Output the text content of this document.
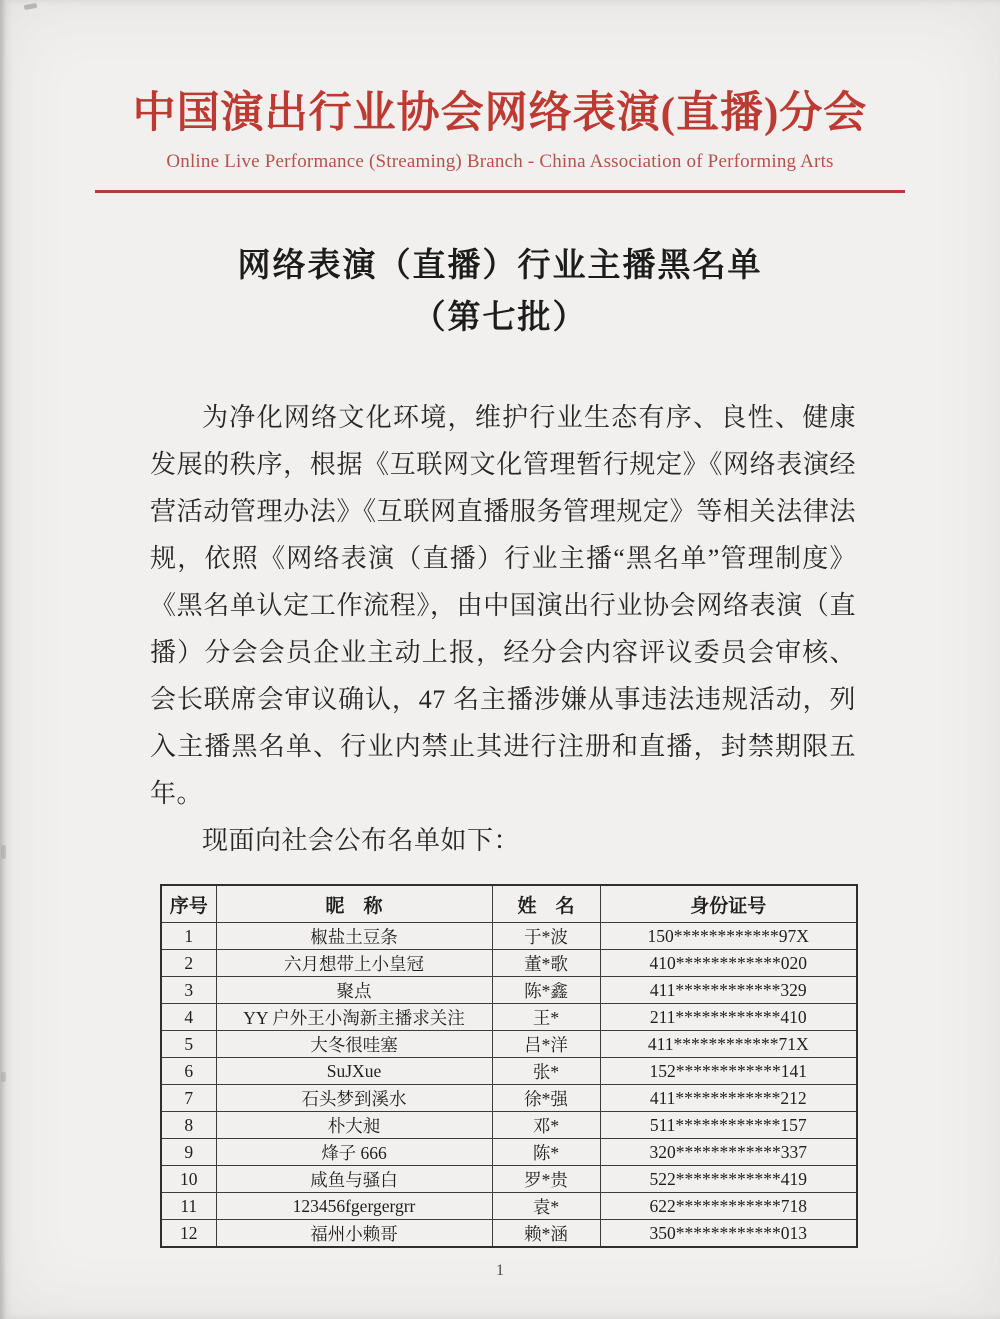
中国演出行业协会网络表演(直播)分会
Online Live Performance (Streaming) Branch - China Association of Performing Arts
网络表演（直播）行业主播黑名单
（第七批）

为净化网络文化环境，维护行业生态有序、良性、健康发展的秩序，根据《互联网文化管理暂行规定》《网络表演经营活动管理办法》《互联网直播服务管理规定》等相关法律法规，依照《网络表演（直播）行业主播“黑名单”管理制度》《黑名单认定工作流程》，由中国演出行业协会网络表演（直播）分会会员企业主动上报，经分会内容评议委员会审核、会长联席会审议确认，47 名主播涉嫌从事违法违规活动，列入主播黑名单、行业内禁止其进行注册和直播，封禁期限五年。

现面向社会公布名单如下：

序号	昵　称	姓　名	身份证号
1	椒盐土豆条	于*波	150************97X
2	六月想带上小皇冠	董*歌	410************020
3	聚点	陈*鑫	411************329
4	YY 户外王小淘新主播求关注	王*	211************410
5	大冬很哇塞	吕*洋	411************71X
6	SuJXue	张*	152************141
7	石头梦到溪水	徐*强	411************212
8	朴大昶	邓*	511************157
9	烽子 666	陈*	320************337
10	咸鱼与骚白	罗*贵	522************419
11	123456fgergergrr	袁*	622************718
12	福州小赖哥	赖*涵	350************013
1
